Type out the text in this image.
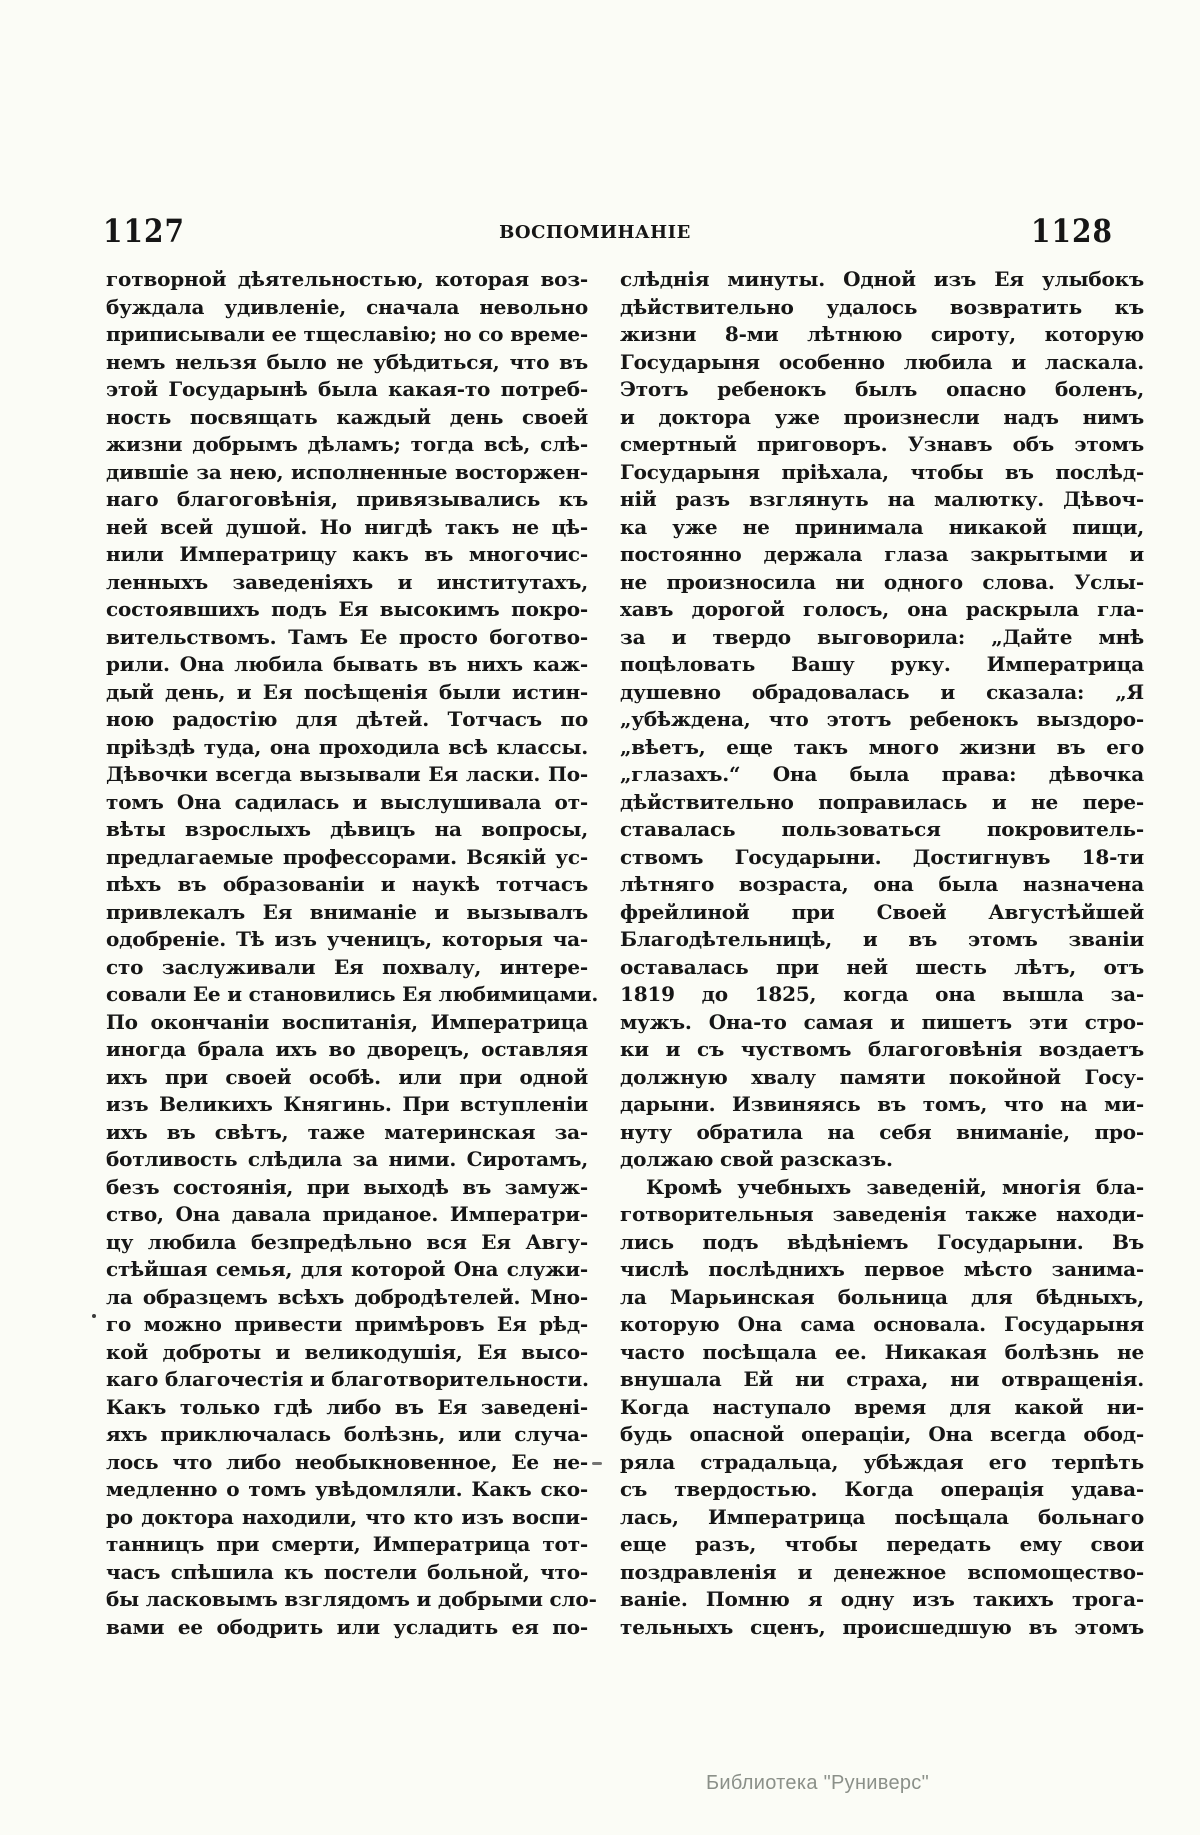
1127	ВОСПОМИНАНІЕ	1128
готворной дѣятельностью, которая воз-
буждала удивленіе, сначала невольно
приписывали ее тщеславію; но со време-
немъ нельзя было не убѣдиться, что въ
этой Государынѣ была какая-то потреб-
ность посвящать каждый день своей
жизни добрымъ дѣламъ; тогда всѣ, слѣ-
дившіе за нею, исполненные восторжен-
наго благоговѣнія, привязывались къ
ней всей душой. Но нигдѣ такъ не цѣ-
нили Императрицу какъ въ многочис-
ленныхъ заведеніяхъ и институтахъ,
состоявшихъ подъ Ея высокимъ покро-
вительствомъ. Тамъ Ее просто боготво-
рили. Она любила бывать въ нихъ каж-
дый день, и Ея посѣщенія были истин-
ною радостію для дѣтей. Тотчасъ по
пріѣздѣ туда, она проходила всѣ классы.
Дѣвочки всегда вызывали Ея ласки. По-
томъ Она садилась и выслушивала от-
вѣты взрослыхъ дѣвицъ на вопросы,
предлагаемые профессорами. Всякій ус-
пѣхъ въ образованіи и наукѣ тотчасъ
привлекалъ Ея вниманіе и вызывалъ
одобреніе. Тѣ изъ ученицъ, которыя ча-
сто заслуживали Ея похвалу, интере-
совали Ее и становились Ея любимицами.
По окончаніи воспитанія, Императрица
иногда брала ихъ во дворецъ, оставляя
ихъ при своей особѣ. или при одной
изъ Великихъ Княгинь. При вступленіи
ихъ въ свѣтъ, таже материнская за-
ботливость слѣдила за ними. Сиротамъ,
безъ состоянія, при выходѣ въ замуж-
ство, Она давала приданое. Императри-
цу любила безпредѣльно вся Ея Авгу-
стѣйшая семья, для которой Она служи-
ла образцемъ всѣхъ добродѣтелей. Мно-
го можно привести примѣровъ Ея рѣд-
кой доброты и великодушія, Ея высо-
каго благочестія и благотворительности.
Какъ только гдѣ либо въ Ея заведені-
яхъ приключалась болѣзнь, или случа-
лось что либо необыкновенное, Ее не-
медленно о томъ увѣдомляли. Какъ ско-
ро доктора находили, что кто изъ воспи-
танницъ при смерти, Императрица тот-
часъ спѣшила къ постели больной, что-
бы ласковымъ взглядомъ и добрыми сло-
вами ее ободрить или усладить ея по-
слѣднія минуты. Одной изъ Ея улыбокъ
дѣйствительно удалось возвратить къ
жизни 8-ми лѣтнюю сироту, которую
Государыня особенно любила и ласкала.
Этотъ ребенокъ былъ опасно боленъ,
и доктора уже произнесли надъ нимъ
смертный приговоръ. Узнавъ объ этомъ
Государыня пріѣхала, чтобы въ послѣд-
ній разъ взглянуть на малютку. Дѣвоч-
ка уже не принимала никакой пищи,
постоянно держала глаза закрытыми и
не произносила ни одного слова. Услы-
хавъ дорогой голосъ, она раскрыла гла-
за и твердо выговорила: „Дайте мнѣ
поцѣловать Вашу руку. Императрица
душевно обрадовалась и сказала: „Я
„убѣждена, что этотъ ребенокъ выздоро-
„вѣетъ, еще такъ много жизни въ его
„глазахъ.“ Она была права: дѣвочка
дѣйствительно поправилась и не пере-
ставалась пользоваться покровитель-
ствомъ Государыни. Достигнувъ 18-ти
лѣтняго возраста, она была назначена
фрейлиной при Своей Августѣйшей
Благодѣтельницѣ, и въ этомъ званіи
оставалась при ней шесть лѣтъ, отъ
1819 до 1825, когда она вышла за-
мужъ. Она-то самая и пишетъ эти стро-
ки и съ чуствомъ благоговѣнія воздаетъ
должную хвалу памяти покойной Госу-
дарыни. Извиняясь въ томъ, что на ми-
нуту обратила на себя вниманіе, про-
должаю свой разсказъ.
Кромѣ учебныхъ заведеній, многія бла-
готворительныя заведенія также находи-
лись подъ вѣдѣніемъ Государыни. Въ
числѣ послѣднихъ первое мѣсто занима-
ла Марьинская больница для бѣдныхъ,
которую Она сама основала. Государыня
часто посѣщала ее. Никакая болѣзнь не
внушала Ей ни страха, ни отвращенія.
Когда наступало время для какой ни-
будь опасной операціи, Она всегда обод-
ряла страдальца, убѣждая его терпѣть
съ твердостью. Когда операція удава-
лась, Императрица посѣщала больнаго
еще разъ, чтобы передать ему свои
поздравленія и денежное вспомощество-
ваніе. Помню я одну изъ такихъ трога-
тельныхъ сценъ, происшедшую въ этомъ
Библиотека "Руниверс"
